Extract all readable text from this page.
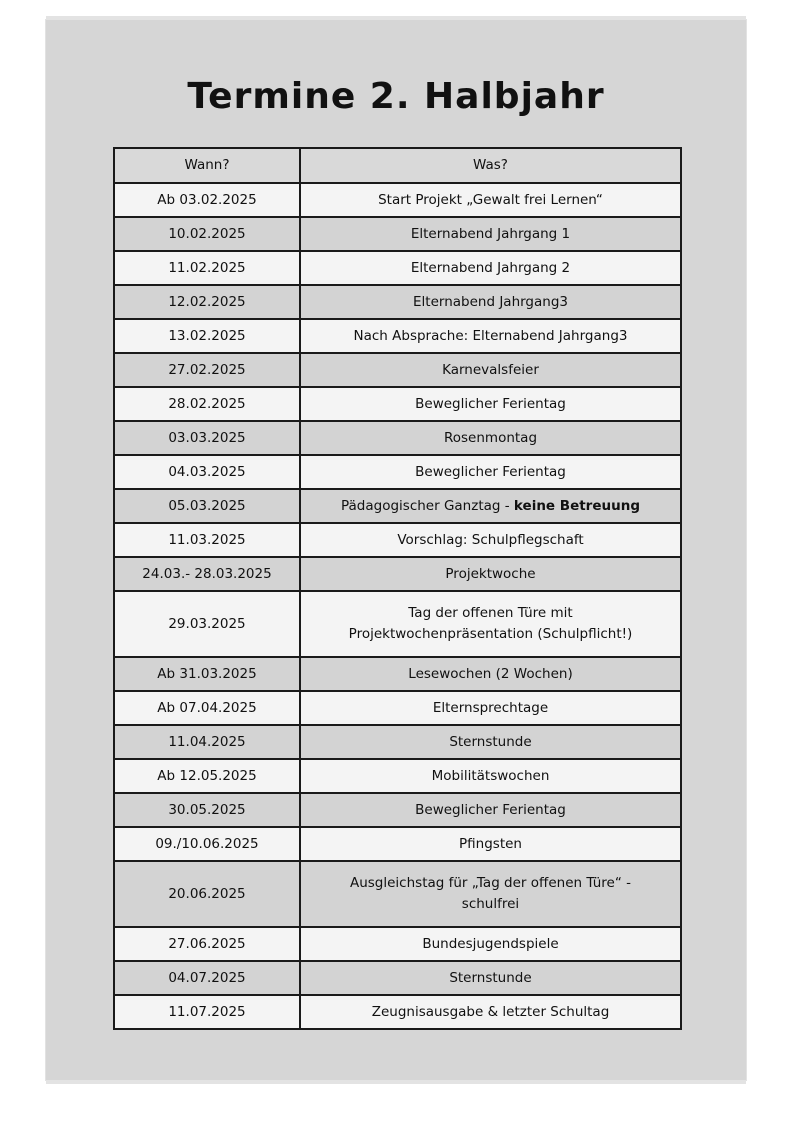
Termine 2. Halbjahr
Wann?	Was?
Ab 03.02.2025	Start Projekt „Gewalt frei Lernen“
10.02.2025	Elternabend Jahrgang 1
11.02.2025	Elternabend Jahrgang 2
12.02.2025	Elternabend Jahrgang3
13.02.2025	Nach Absprache: Elternabend Jahrgang3
27.02.2025	Karnevalsfeier
28.02.2025	Beweglicher Ferientag
03.03.2025	Rosenmontag
04.03.2025	Beweglicher Ferientag
05.03.2025	Pädagogischer Ganztag - keine Betreuung
11.03.2025	Vorschlag: Schulpflegschaft
24.03.- 28.03.2025	Projektwoche
29.03.2025	Tag der offenen Türe mit
Projektwochenpräsentation (Schulpflicht!)
Ab 31.03.2025	Lesewochen (2 Wochen)
Ab 07.04.2025	Elternsprechtage
11.04.2025	Sternstunde
Ab 12.05.2025	Mobilitätswochen
30.05.2025	Beweglicher Ferientag
09./10.06.2025	Pfingsten
20.06.2025	Ausgleichstag für „Tag der offenen Türe“ -
schulfrei
27.06.2025	Bundesjugendspiele
04.07.2025	Sternstunde
11.07.2025	Zeugnisausgabe & letzter Schultag
